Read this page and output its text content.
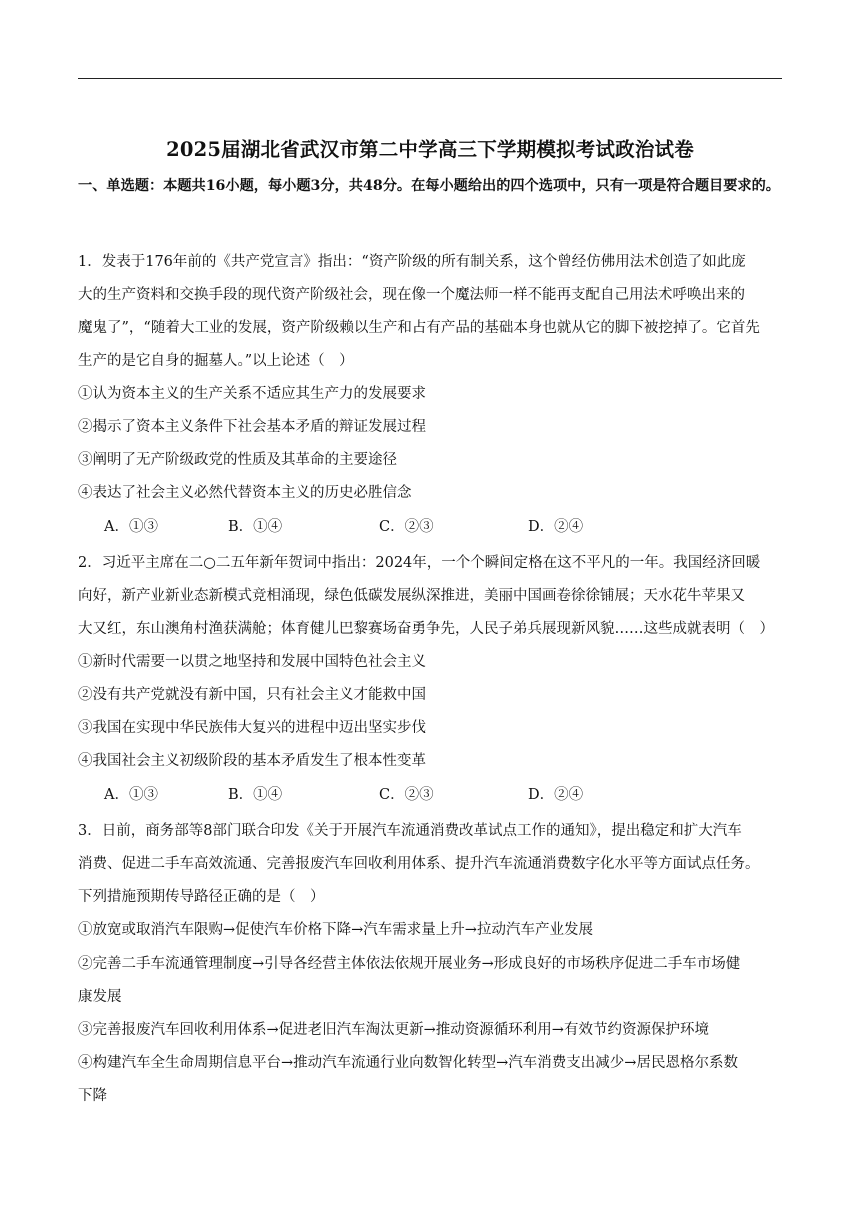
2025届湖北省武汉市第二中学高三下学期模拟考试政治试卷
一、单选题：本题共16小题，每小题3分，共48分。在每小题给出的四个选项中，只有一项是符合题目要求的。
1．发表于176年前的《共产党宣言》指出：“资产阶级的所有制关系，这个曾经仿佛用法术创造了如此庞
大的生产资料和交换手段的现代资产阶级社会，现在像一个魔法师一样不能再支配自己用法术呼唤出来的
魔鬼了”，“随着大工业的发展，资产阶级赖以生产和占有产品的基础本身也就从它的脚下被挖掉了。它首先
生产的是它自身的掘墓人。”以上论述（　）
①认为资本主义的生产关系不适应其生产力的发展要求
②揭示了资本主义条件下社会基本矛盾的辩证发展过程
③阐明了无产阶级政党的性质及其革命的主要途径
④表达了社会主义必然代替资本主义的历史必胜信念
A．①③	B．①④	C．②③	D．②④
2．习近平主席在二○二五年新年贺词中指出：2024年，一个个瞬间定格在这不平凡的一年。我国经济回暖
向好，新产业新业态新模式竞相涌现，绿色低碳发展纵深推进，美丽中国画卷徐徐铺展；天水花牛苹果又
大又红，东山澳角村渔获满舱；体育健儿巴黎赛场奋勇争先，人民子弟兵展现新风貌……这些成就表明（　）
①新时代需要一以贯之地坚持和发展中国特色社会主义
②没有共产党就没有新中国，只有社会主义才能救中国
③我国在实现中华民族伟大复兴的进程中迈出坚实步伐
④我国社会主义初级阶段的基本矛盾发生了根本性变革
A．①③	B．①④	C．②③	D．②④
3．日前，商务部等8部门联合印发《关于开展汽车流通消费改革试点工作的通知》，提出稳定和扩大汽车
消费、促进二手车高效流通、完善报废汽车回收利用体系、提升汽车流通消费数字化水平等方面试点任务。
下列措施预期传导路径正确的是（　）
①放宽或取消汽车限购→促使汽车价格下降→汽车需求量上升→拉动汽车产业发展
②完善二手车流通管理制度→引导各经营主体依法依规开展业务→形成良好的市场秩序促进二手车市场健
康发展
③完善报废汽车回收利用体系→促进老旧汽车淘汰更新→推动资源循环利用→有效节约资源保护环境
④构建汽车全生命周期信息平台→推动汽车流通行业向数智化转型→汽车消费支出减少→居民恩格尔系数
下降
